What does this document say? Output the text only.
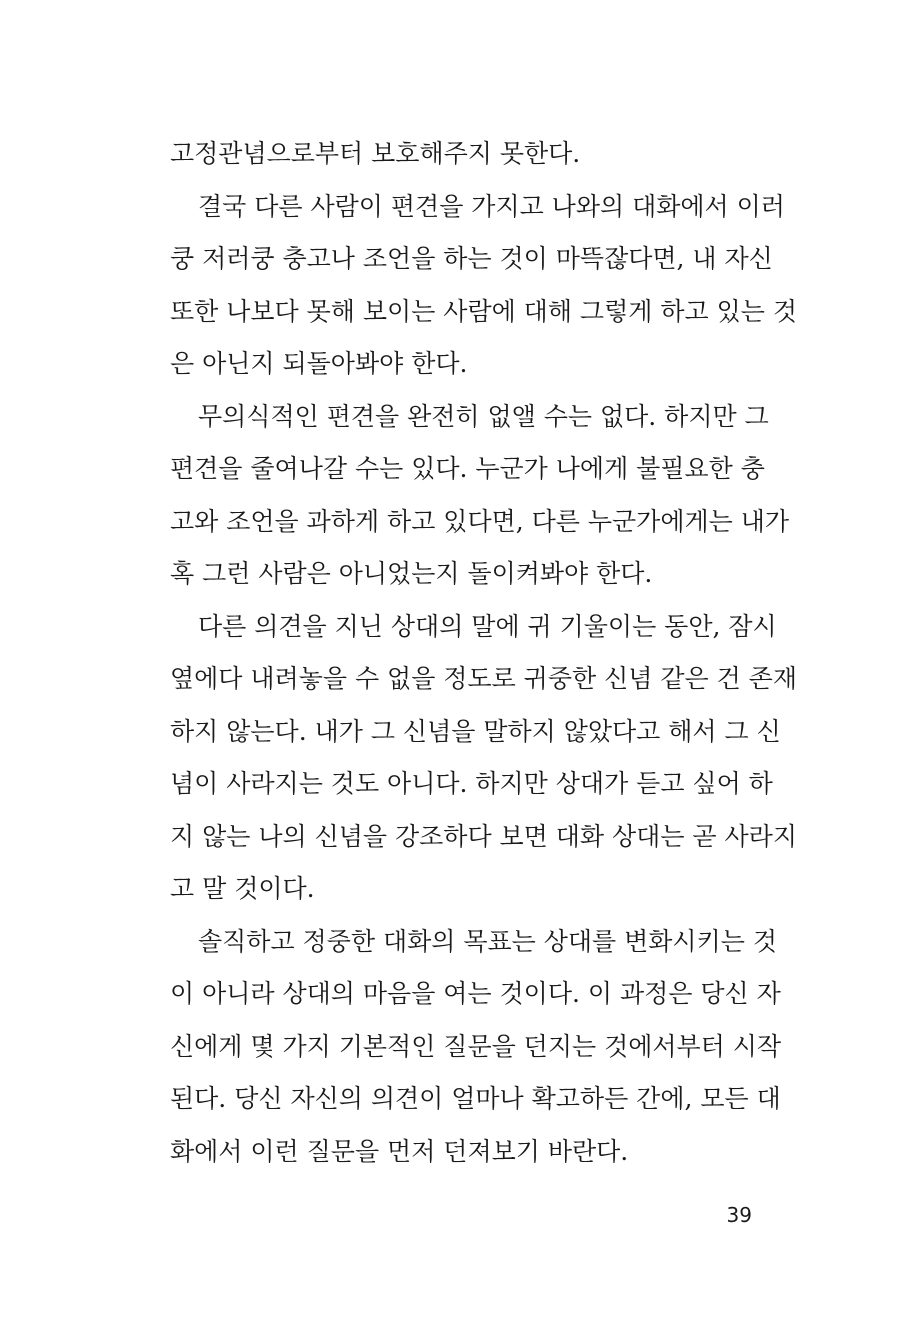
고정관념으로부터 보호해주지 못한다.
결국 다른 사람이 편견을 가지고 나와의 대화에서 이러
쿵 저러쿵 충고나 조언을 하는 것이 마뜩잖다면, 내 자신
또한 나보다 못해 보이는 사람에 대해 그렇게 하고 있는 것
은 아닌지 되돌아봐야 한다.
무의식적인 편견을 완전히 없앨 수는 없다. 하지만 그
편견을 줄여나갈 수는 있다. 누군가 나에게 불필요한 충
고와 조언을 과하게 하고 있다면, 다른 누군가에게는 내가
혹 그런 사람은 아니었는지 돌이켜봐야 한다.
다른 의견을 지닌 상대의 말에 귀 기울이는 동안, 잠시
옆에다 내려놓을 수 없을 정도로 귀중한 신념 같은 건 존재
하지 않는다. 내가 그 신념을 말하지 않았다고 해서 그 신
념이 사라지는 것도 아니다. 하지만 상대가 듣고 싶어 하
지 않는 나의 신념을 강조하다 보면 대화 상대는 곧 사라지
고 말 것이다.
솔직하고 정중한 대화의 목표는 상대를 변화시키는 것
이 아니라 상대의 마음을 여는 것이다. 이 과정은 당신 자
신에게 몇 가지 기본적인 질문을 던지는 것에서부터 시작
된다. 당신 자신의 의견이 얼마나 확고하든 간에, 모든 대
화에서 이런 질문을 먼저 던져보기 바란다.
39
